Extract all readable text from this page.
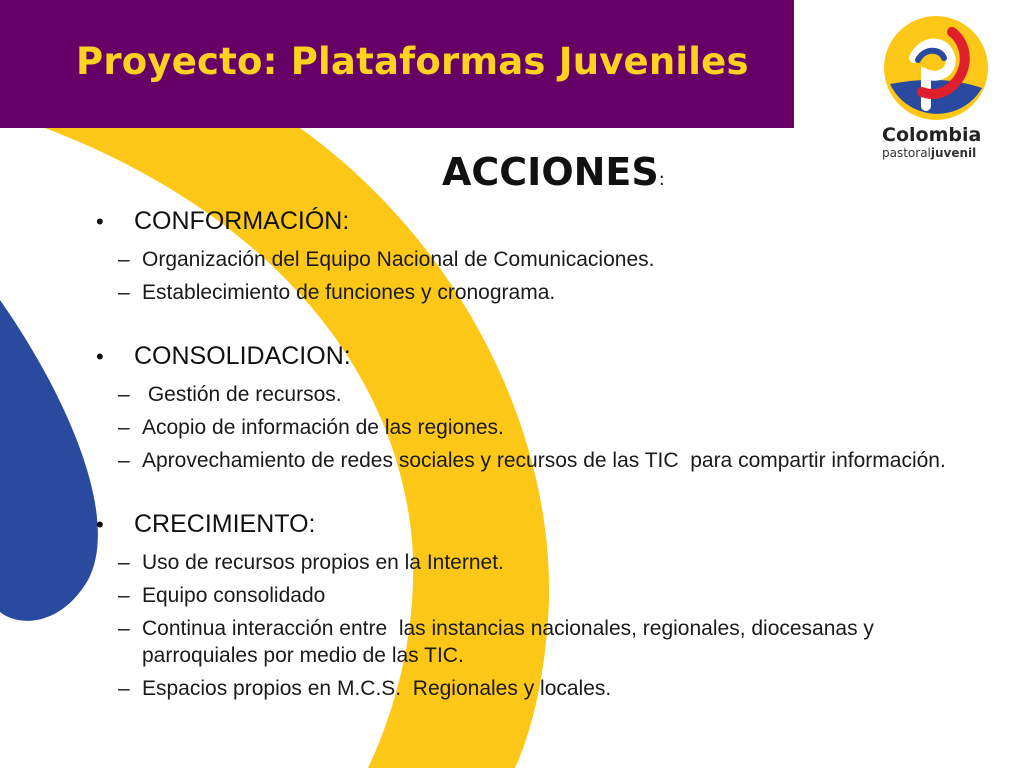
Proyecto: Plataformas Juveniles
Colombia
pastoraljuvenil
ACCIONES:
•	CONFORMACIÓN:
– Organización del Equipo Nacional de Comunicaciones.
– Establecimiento de funciones y cronograma.
•	CONSOLIDACION:
– Gestión de recursos.
– Acopio de información de las regiones.
– Aprovechamiento de redes sociales y recursos de las TIC  para compartir información.
•	CRECIMIENTO:
– Uso de recursos propios en la Internet.
– Equipo consolidado
– Continua interacción entre  las instancias nacionales, regionales, diocesanas y parroquiales por medio de las TIC.
– Espacios propios en M.C.S.  Regionales y locales.
